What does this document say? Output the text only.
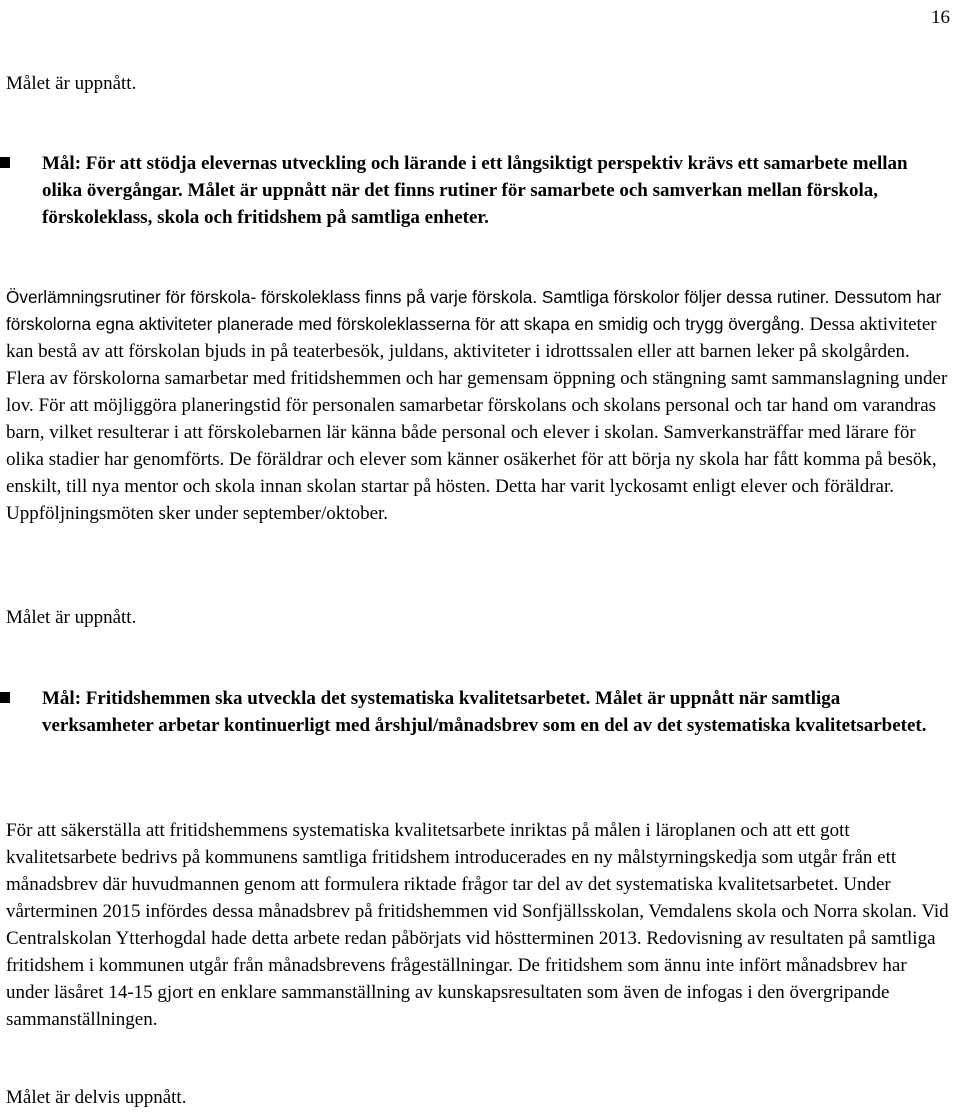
16

Målet är uppnått.

Mål: För att stödja elevernas utveckling och lärande i ett långsiktigt perspektiv krävs ett samarbete mellan olika övergångar. Målet är uppnått när det finns rutiner för samarbete och samverkan mellan förskola, förskoleklass, skola och fritidshem på samtliga enheter.

Överlämningsrutiner för förskola- förskoleklass finns på varje förskola. Samtliga förskolor följer dessa rutiner. Dessutom har förskolorna egna aktiviteter planerade med förskoleklasserna för att skapa en smidig och trygg övergång. Dessa aktiviteter kan bestå av att förskolan bjuds in på teaterbesök, juldans, aktiviteter i idrottssalen eller att barnen leker på skolgården. Flera av förskolorna samarbetar med fritidshemmen och har gemensam öppning och stängning samt sammanslagning under lov. För att möjliggöra planeringstid för personalen samarbetar förskolans och skolans personal och tar hand om varandras barn, vilket resulterar i att förskolebarnen lär känna både personal och elever i skolan. Samverkansträffar med lärare för olika stadier har genomförts. De föräldrar och elever som känner osäkerhet för att börja ny skola har fått komma på besök, enskilt, till nya mentor och skola innan skolan startar på hösten. Detta har varit lyckosamt enligt elever och föräldrar. Uppföljningsmöten sker under september/oktober.

Målet är uppnått.

Mål: Fritidshemmen ska utveckla det systematiska kvalitetsarbetet. Målet är uppnått när samtliga verksamheter arbetar kontinuerligt med årshjul/månadsbrev som en del av det systematiska kvalitetsarbetet.

För att säkerställa att fritidshemmens systematiska kvalitetsarbete inriktas på målen i läroplanen och att ett gott kvalitetsarbete bedrivs på kommunens samtliga fritidshem introducerades en ny målstyrningskedja som utgår från ett månadsbrev där huvudmannen genom att formulera riktade frågor tar del av det systematiska kvalitetsarbetet. Under vårterminen 2015 infördes dessa månadsbrev på fritidshemmen vid Sonfjällsskolan, Vemdalens skola och Norra skolan. Vid Centralskolan Ytterhogdal hade detta arbete redan påbörjats vid höstterminen 2013. Redovisning av resultaten på samtliga fritidshem i kommunen utgår från månadsbrevens frågeställningar. De fritidshem som ännu inte infört månadsbrev har under läsåret 14-15 gjort en enklare sammanställning av kunskapsresultaten som även de infogas i den övergripande sammanställningen.

Målet är delvis uppnått.
